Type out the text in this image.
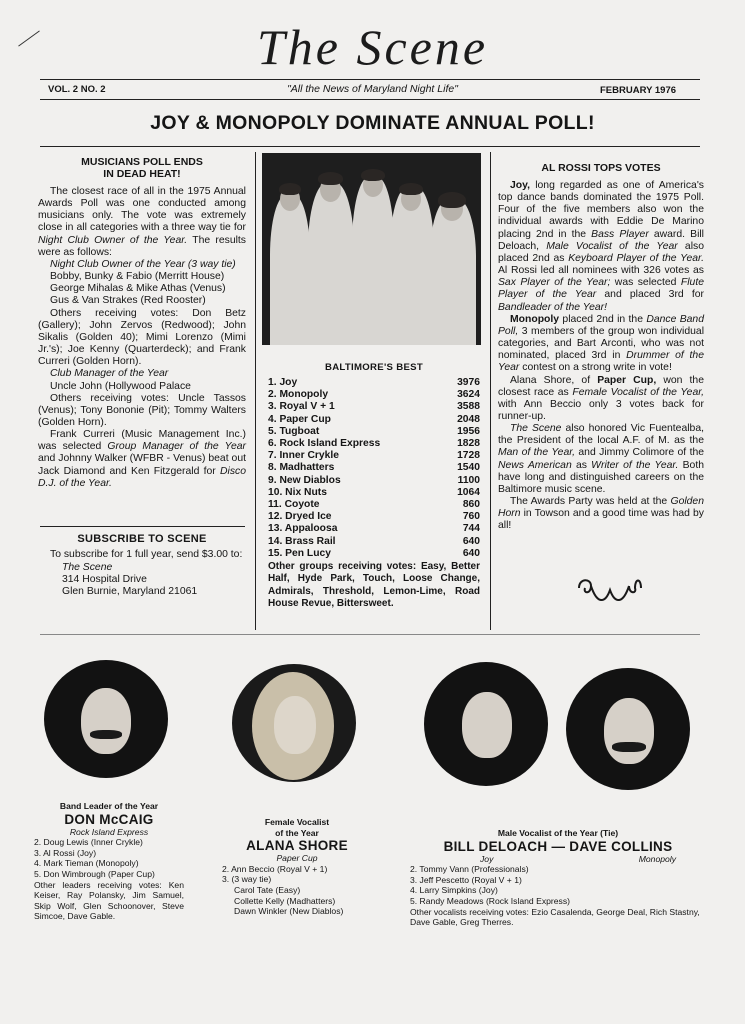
The Scene
VOL. 2 NO. 2	"All the News of Maryland Night Life"	FEBRUARY 1976
JOY & MONOPOLY DOMINATE ANNUAL POLL!
MUSICIANS POLL ENDS
IN DEAD HEAT!

The closest race of all in the 1975 Annual Awards Poll was one conducted among musicians only. The vote was extremely close in all categories with a three way tie for Night Club Owner of the Year. The results were as follows:

Night Club Owner of the Year (3 way tie)
Bobby, Bunky & Fabio (Merritt House)
George Mihalas & Mike Athas (Venus)
Gus & Van Strakes (Red Rooster)

Others receiving votes: Don Betz (Gallery); John Zervos (Redwood); John Sikalis (Golden 40); Mimi Lorenzo (Mimi Jr.'s); Joe Kenny (Quarterdeck); and Frank Curreri (Golden Horn).

Club Manager of the Year
Uncle John (Hollywood Palace

Others receiving votes: Uncle Tassos (Venus); Tony Bononie (Pit); Tommy Walters (Golden Horn).

Frank Curreri (Music Management Inc.) was selected Group Manager of the Year and Johnny Walker (WFBR - Venus) beat out Jack Diamond and Ken Fitzgerald for Disco D.J. of the Year.

SUBSCRIBE TO SCENE

To subscribe for 1 full year, send $3.00 to:

The Scene
314 Hospital Drive
Glen Burnie, Maryland 21061
BALTIMORE'S BEST
1. Joy	3976
2. Monopoly	3624
3. Royal V + 1	3588
4. Paper Cup	2048
5. Tugboat	1956
6. Rock Island Express	1828
7. Inner Crykle	1728
8. Madhatters	1540
9. New Diablos	1100
10. Nix Nuts	1064
11. Coyote	860
12. Dryed Ice	760
13. Appaloosa	744
14. Brass Rail	640
15. Pen Lucy	640
Other groups receiving votes: Easy, Better Half, Hyde Park, Touch, Loose Change, Admirals, Threshold, Lemon-Lime, Road House Revue, Bittersweet.
AL ROSSI TOPS VOTES

Joy, long regarded as one of America's top dance bands dominated the 1975 Poll. Four of the five members also won the individual awards with Eddie De Marino placing 2nd in the Bass Player award. Bill Deloach, Male Vocalist of the Year also placed 2nd as Keyboard Player of the Year. Al Rossi led all nominees with 326 votes as Sax Player of the Year; was selected Flute Player of the Year and placed 3rd for Bandleader of the Year!

Monopoly placed 2nd in the Dance Band Poll, 3 members of the group won individual categories, and Bart Arconti, who was not nominated, placed 3rd in Drummer of the Year contest on a strong write in vote!

Alana Shore, of Paper Cup, won the closest race as Female Vocalist of the Year, with Ann Beccio only 3 votes back for runner-up.

The Scene also honored Vic Fuentealba, the President of the local A.F. of M. as the Man of the Year, and Jimmy Colimore of the News American as Writer of the Year. Both have long and distinguished careers on the Baltimore music scene.

The Awards Party was held at the Golden Horn in Towson and a good time was had by all!

Band Leader of the Year
DON McCAIG
Rock Island Express
2. Doug Lewis (Inner Crykle)
3. Al Rossi (Joy)
4. Mark Tieman (Monopoly)
5. Don Wimbrough (Paper Cup)
Other leaders receiving votes: Ken Keiser, Ray Polansky, Jim Samuel, Skip Wolf, Glen Schoonover, Steve Simcoe, Dave Gable.
Female Vocalist
of the Year
ALANA SHORE
Paper Cup
2. Ann Beccio (Royal V + 1)
3. (3 way tie)
Carol Tate (Easy)
Collette Kelly (Madhatters)
Dawn Winkler (New Diablos)
Male Vocalist of the Year (Tie)
BILL DELOACH — DAVE COLLINS
Joy	Monopoly
2. Tommy Vann (Professionals)
3. Jeff Pescetto (Royal V + 1)
4. Larry Simpkins (Joy)
5. Randy Meadows (Rock Island Express)
Other vocalists receiving votes: Ezio Casalenda, George Deal, Rich Stastny, Dave Gable, Greg Therres.
